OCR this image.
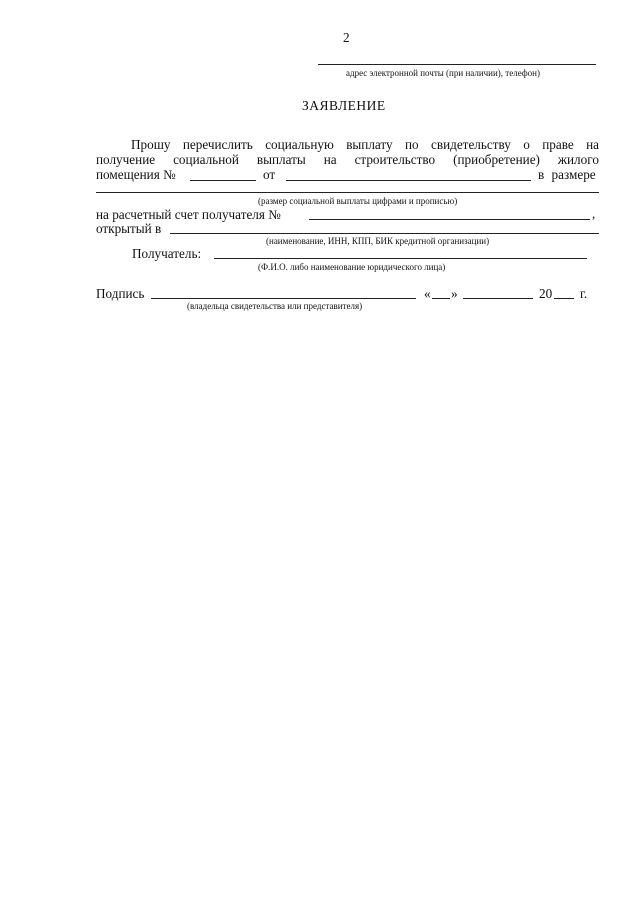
2
адрес электронной почты (при наличии), телефон)
ЗАЯВЛЕНИЕ
Прошу перечислить социальную выплату по свидетельству о праве на
получение социальной выплаты на строительство (приобретение) жилого
помещения №	от	в размере
(размер социальной выплаты цифрами и прописью)
на расчетный счет получателя №	,
открытый в
(наименование, ИНН, КПП, БИК кредитной организации)
Получатель:
(Ф.И.О. либо наименование юридического лица)
Подпись	« »	20 г.
(владельца свидетельства или представителя)
